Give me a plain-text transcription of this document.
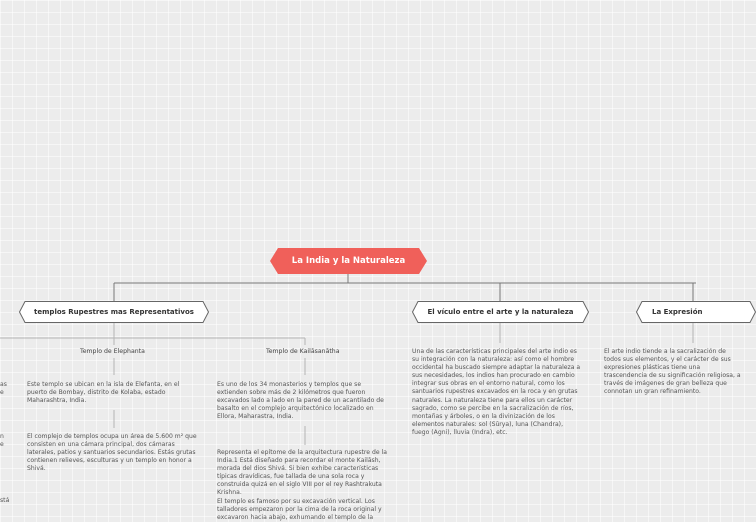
La India y la Naturaleza
templos Rupestres mas Representativos	El vículo entre el arte y la naturaleza	La Expresión
Templo de Elephanta	Templo de Kailāsanātha
Este templo se ubican en la isla de Elefanta, en el puerto de Bombay, distrito de Kolaba, estado Maharashtra, India.
El complejo de templos ocupa un área de 5.600 m² que consisten en una cámara principal, dos cámaras laterales, patios y santuarios secundarios. Estás grutas contienen relieves, esculturas y un templo en honor a Shivá.
Es uno de los 34 monasterios y templos que se extienden sobre más de 2 kilómetros que fueron excavados lado a lado en la pared de un acantilado de basalto en el complejo arquitectónico localizado en Ellora, Maharastra, India.
Representa el epítome de la arquitectura rupestre de la India.1 Está diseñado para recordar el monte Kailāsh, morada del dios Shivá. Si bien exhibe características típicas dravídicas, fue tallada de una sola roca y construida quizá en el siglo VIII por el rey Rashtrakuta Krishna.
El templo es famoso por su excavación vertical. Los talladores empezaron por la cima de la roca original y excavaron hacia abajo, exhumando el templo de la
Una de las características principales del arte indio es su integración con la naturaleza: así como el hombre occidental ha buscado siempre adaptar la naturaleza a sus necesidades, los indios han procurado en cambio integrar sus obras en el entorno natural, como los santuarios rupestres excavados en la roca y en grutas naturales. La naturaleza tiene para ellos un carácter sagrado, como se percibe en la sacralización de ríos, montañas y árboles, o en la divinización de los elementos naturales: sol (Sūrya), luna (Chandra), fuego (Agni), lluvia (Indra), etc.
El arte indio tiende a la sacralización de todos sus elementos, y el carácter de sus expresiones plásticas tiene una trascendencia de su significación religiosa, a través de imágenes de gran belleza que connotan un gran refinamiento.
as
e
n
e
stá
